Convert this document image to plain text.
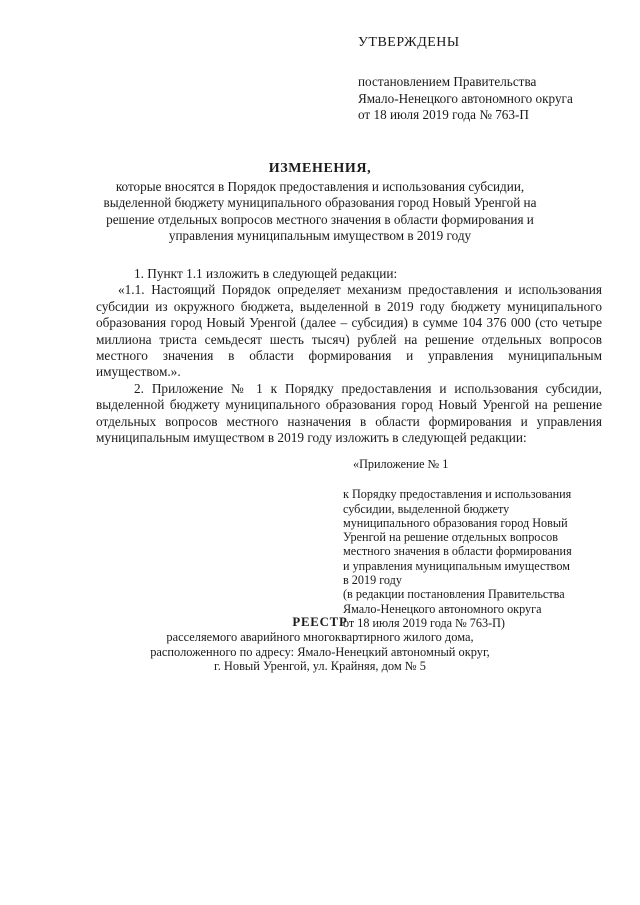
УТВЕРЖДЕНЫ

постановлением Правительства

Ямало-Ненецкого автономного округа

от 18 июля 2019 года № 763-П

ИЗМЕНЕНИЯ,

которые вносятся в Порядок предоставления и использования субсидии,

выделенной бюджету муниципального образования город Новый Уренгой на

решение отдельных вопросов местного значения в области формирования и

управления муниципальным имуществом в 2019 году

1. Пункт 1.1 изложить в следующей редакции:

«1.1. Настоящий Порядок определяет механизм предоставления и использования субсидии из окружного бюджета, выделенной в 2019 году бюджету муниципального образования город Новый Уренгой (далее – субсидия) в сумме 104 376 000 (сто четыре миллиона триста семьдесят шесть тысяч) рублей на решение отдельных вопросов местного значения в области формирования и управления муниципальным имуществом.».

2. Приложение № 1 к Порядку предоставления и использования субсидии, выделенной бюджету муниципального образования город Новый Уренгой на решение отдельных вопросов местного назначения в области формирования и управления муниципальным имуществом в 2019 году изложить в следующей редакции:

«Приложение № 1

к Порядку предоставления и использования

субсидии, выделенной бюджету

муниципального образования город Новый

Уренгой на решение отдельных вопросов

местного значения в области формирования

и управления муниципальным имуществом

в 2019 году

(в редакции постановления Правительства

Ямало-Ненецкого автономного округа

от 18 июля 2019 года № 763-П)

РЕЕСТР

расселяемого аварийного многоквартирного жилого дома,

расположенного по адресу: Ямало-Ненецкий автономный округ,

г. Новый Уренгой, ул. Крайняя, дом № 5
